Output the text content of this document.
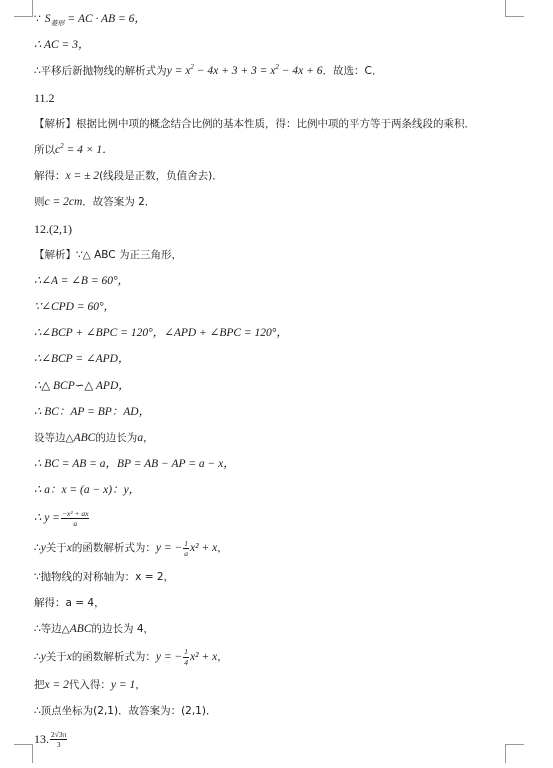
∵ $S_{菱形}$ = AC · AB = 6，
∴ AC = 3，
∴平移后新抛物线的解析式为 $y = x^2 - 4x + 3 + 3 = x^2 - 4x + 6$ ．故选：C．
11.2
【解析】根据比例中项的概念结合比例的基本性质，得：比例中项的平方等于两条线段的乘积．
所以 $c^2 = 4 \times 1$．
解得： x = ± 2 (线段是正数，负值舍去)．
则 c = 2cm ．故答案为 2．
12.(2,1)
【解析】∵△ ABC 为正三角形，
∴∠A = ∠B = 60°，
∵∠CPD = 60°，
∴∠BCP + ∠BPC = 120°，∠APD + ∠BPC = 120°，
∴∠BCP = ∠APD，
∴△ BCP∽△ APD，
∴ BC：AP = BP：AD，
设等边△ ABC 的边长为 a ，
∴ BC = AB = a，BP = AB − AP = a − x，
∴ a：x = (a − x)：y，
∴ $y = \frac{\text{−x² + ax}}{a}$
∴ y 关于 x 的函数解析式为： y = − $\frac{1}{a} x^2 + x$ ，
∵抛物线的对称轴为：x = 2，
解得：a = 4，
∴等边△ ABC 的边长为 4，
∴ y 关于 x 的函数解析式为： y = − $\frac{1}{4} x^2 + x$ ，
把 x = 2 代入得： y = 1 ，
∴顶点坐标为(2,1)．故答案为：(2,1)．
13. $\frac{2√3\pi}{3}$
